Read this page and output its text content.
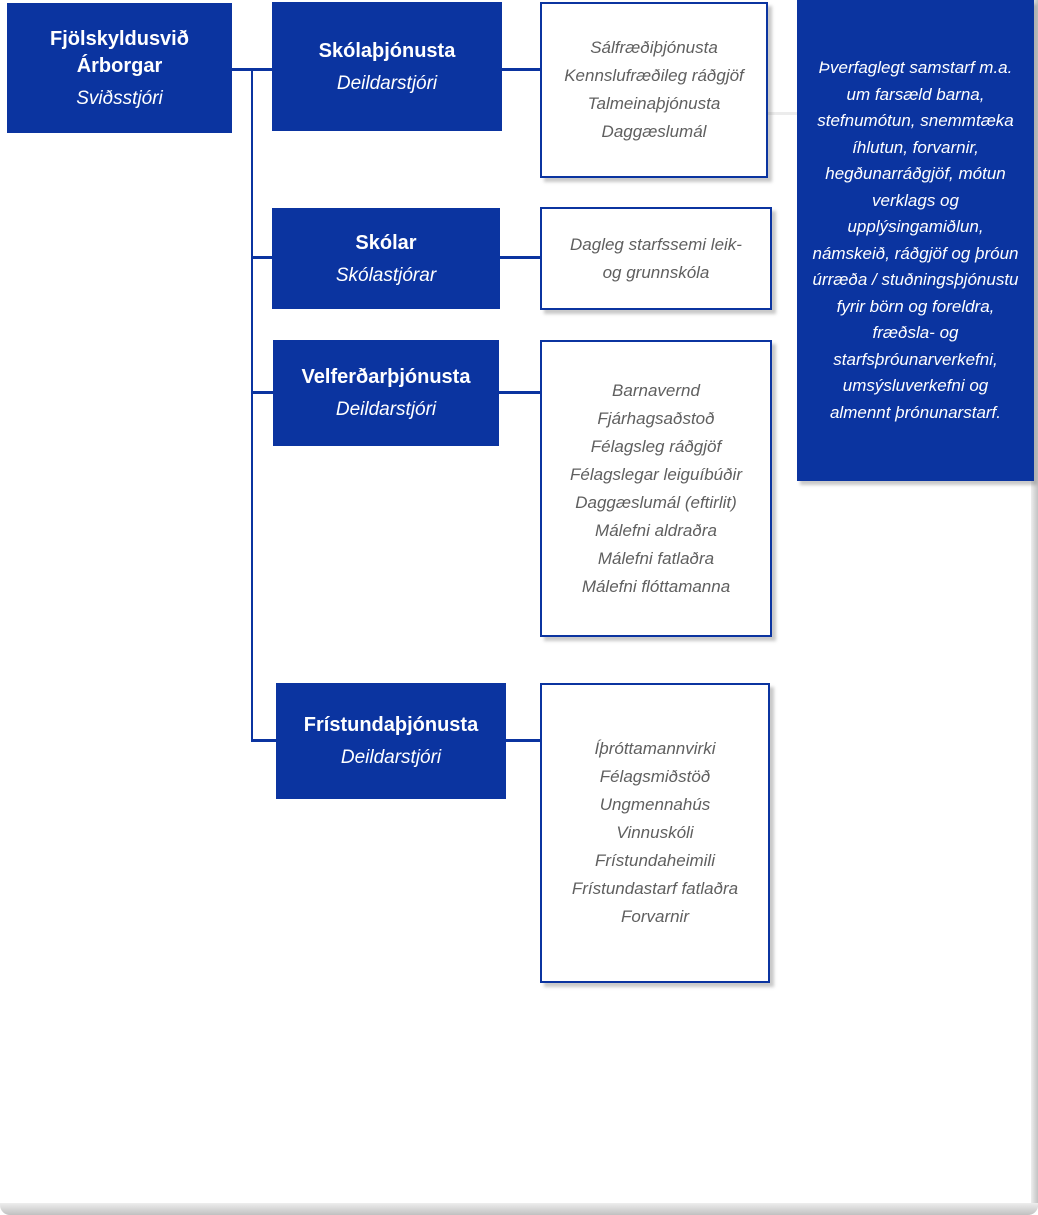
Fjölskyldusvið Árborgar
Sviðsstjóri
Skólaþjónusta
Deildarstjóri
Sálfræðiþjónusta
Kennslufræðileg ráðgjöf
Talmeinaþjónusta
Daggæslumál
Skólar
Skólastjórar
Dagleg starfssemi leik- og grunnskóla
Velferðarþjónusta
Deildarstjóri
Barnavernd
Fjárhagsaðstoð
Félagsleg ráðgjöf
Félagslegar leiguíbúðir
Daggæslumál (eftirlit)
Málefni aldraðra
Málefni fatlaðra
Málefni flóttamanna
Frístundaþjónusta
Deildarstjóri	Íþróttamannvirki
Félagsmiðstöð
Ungmennahús
Vinnuskóli
Frístundaheimili
Frístundastarf fatlaðra
Forvarnir
Þverfaglegt samstarf m.a. um farsæld barna, stefnumótun, snemmtæka íhlutun, forvarnir, hegðunarráðgjöf, mótun verklags og upplýsingamiðlun, námskeið, ráðgjöf og þróun úrræða / stuðningsþjónustu fyrir börn og foreldra, fræðsla- og starfsþróunarverkefni, umsýsluverkefni og almennt þrónunarstarf.
